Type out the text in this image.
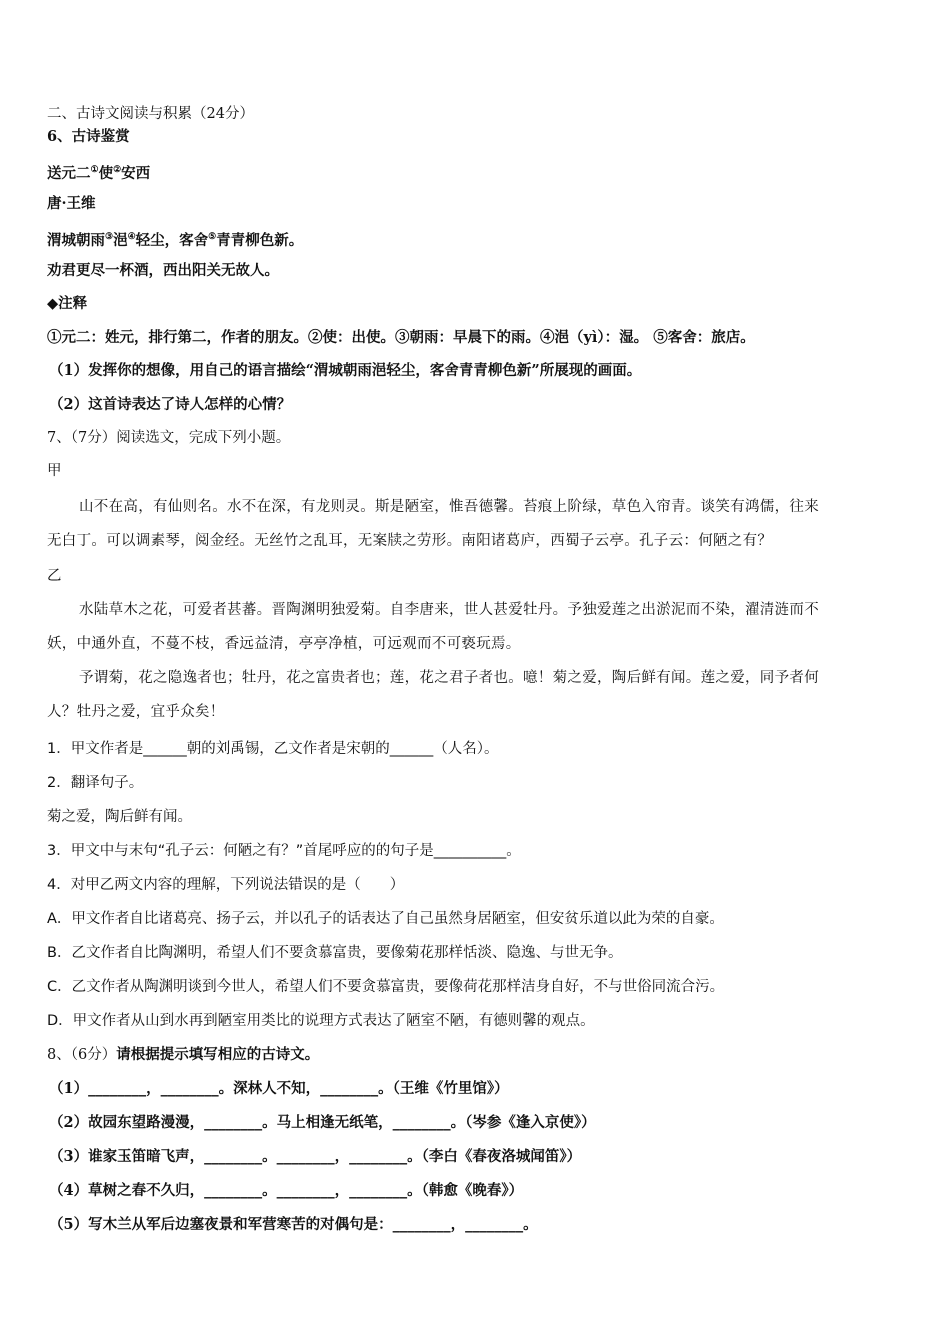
二、古诗文阅读与积累（24分）
6、古诗鉴赏
送元二①使②安西
唐·王维
渭城朝雨③浥④轻尘，客舍⑤青青柳色新。
劝君更尽一杯酒，西出阳关无故人。
◆注释
①元二：姓元，排行第二，作者的朋友。②使：出使。③朝雨：早晨下的雨。④浥（yì）：湿。 ⑤客舍：旅店。
（1）发挥你的想像，用自己的语言描绘“渭城朝雨浥轻尘，客舍青青柳色新”所展现的画面。
（2）这首诗表达了诗人怎样的心情？
7、（7分）阅读选文，完成下列小题。
甲
山不在高，有仙则名。水不在深，有龙则灵。斯是陋室，惟吾德馨。苔痕上阶绿，草色入帘青。谈笑有鸿儒，往来
无白丁。可以调素琴，阅金经。无丝竹之乱耳，无案牍之劳形。南阳诸葛庐，西蜀子云亭。孔子云：何陋之有？
乙
水陆草木之花，可爱者甚蕃。晋陶渊明独爱菊。自李唐来，世人甚爱牡丹。予独爱莲之出淤泥而不染，濯清涟而不
妖，中通外直，不蔓不枝，香远益清，亭亭净植，可远观而不可亵玩焉。
予谓菊，花之隐逸者也；牡丹，花之富贵者也；莲，花之君子者也。噫！菊之爱，陶后鲜有闻。莲之爱，同予者何
人？牡丹之爱，宜乎众矣！
1．甲文作者是______朝的刘禹锡，乙文作者是宋朝的______（人名）。
2．翻译句子。
菊之爱，陶后鲜有闻。
3．甲文中与末句“孔子云：何陋之有？”首尾呼应的的句子是__________。
4．对甲乙两文内容的理解，下列说法错误的是（　　）
A．甲文作者自比诸葛亮、扬子云，并以孔子的话表达了自己虽然身居陋室，但安贫乐道以此为荣的自豪。
B．乙文作者自比陶渊明，希望人们不要贪慕富贵，要像菊花那样恬淡、隐逸、与世无争。
C．乙文作者从陶渊明谈到今世人，希望人们不要贪慕富贵，要像荷花那样洁身自好，不与世俗同流合污。
D．甲文作者从山到水再到陋室用类比的说理方式表达了陋室不陋，有德则馨的观点。
8、（6分）请根据提示填写相应的古诗文。
（1）________，________。深林人不知，________。（王维《竹里馆》）
（2）故园东望路漫漫，________。马上相逢无纸笔，________。（岑参《逢入京使》）
（3）谁家玉笛暗飞声，________。________，________。（李白《春夜洛城闻笛》）
（4）草树之春不久归，________。________，________。（韩愈《晚春》）
（5）写木兰从军后边塞夜景和军营寒苦的对偶句是：________，________。
